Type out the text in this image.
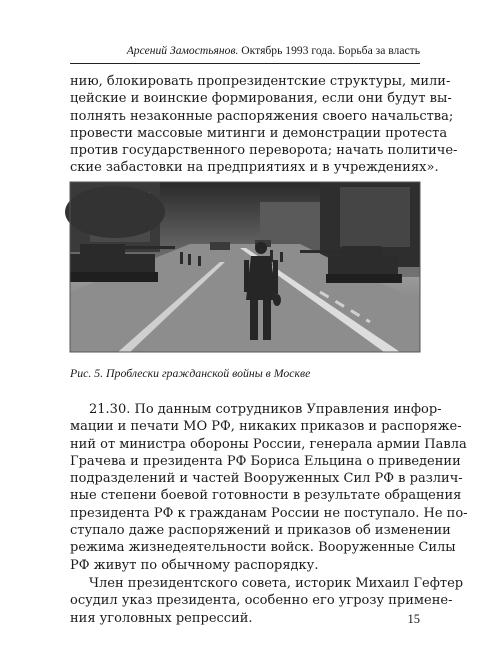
Арсений Замостьянов. Октябрь 1993 года. Борьба за власть
нию, блокировать пропрезидентские структуры, мили-
цейские и воинские формирования, если они будут вы-
полнять незаконные распоряжения своего начальства;
провести массовые митинги и демонстрации протеста
против государственного переворота; начать политиче-
ские забастовки на предприятиях и в учреждениях».
Рис. 5. Проблески гражданской войны в Москве
21.30. По данным сотрудников Управления инфор-
мации и печати МО РФ, никаких приказов и распоряже-
ний от министра обороны России, генерала армии Павла
Грачева и президента РФ Бориса Ельцина о приведении
подразделений и частей Вооруженных Сил РФ в различ-
ные степени боевой готовности в результате обращения
президента РФ к гражданам России не поступало. Не по-
ступало даже распоряжений и приказов об изменении
режима жизнедеятельности войск. Вооруженные Силы
РФ живут по обычному распорядку.
Член президентского совета, историк Михаил Гефтер
осудил указ президента, особенно его угрозу примене-
ния уголовных репрессий.	15
